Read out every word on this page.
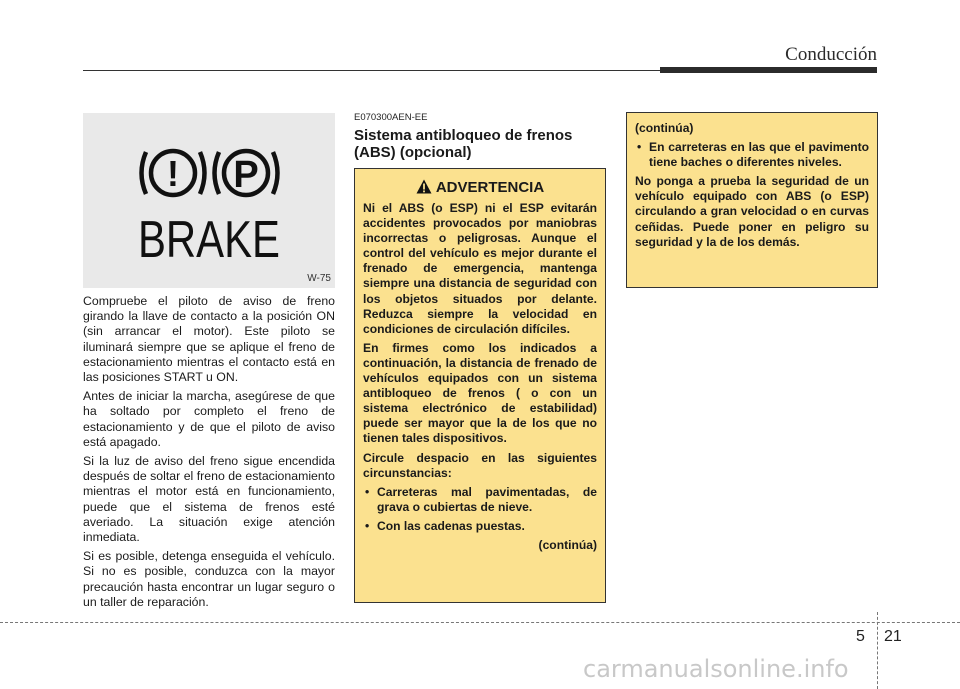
Conducción
! P
BRAKE
W-75

Compruebe el piloto de aviso de freno girando la llave de contacto a la posición ON (sin arrancar el motor). Este piloto se iluminará siempre que se aplique el freno de estacionamiento mientras el contacto está en las posiciones START u ON.

Antes de iniciar la marcha, asegúrese de que ha soltado por completo el freno de estacionamiento y de que el piloto de aviso está apagado.

Si la luz de aviso del freno sigue encendida después de soltar el freno de estacionamiento mientras el motor está en funcionamiento, puede que el sistema de frenos esté averiado. La situación exige atención inmediata.

Si es posible, detenga enseguida el vehículo. Si no es posible, conduzca con la mayor precaución hasta encontrar un lugar seguro o un taller de reparación.

E070300AEN-EE
Sistema antibloqueo de frenos (ABS) (opcional)
ADVERTENCIA

Ni el ABS (o ESP) ni el ESP evitarán accidentes provocados por maniobras incorrectas o peligrosas. Aunque el control del vehículo es mejor durante el frenado de emergencia, mantenga siempre una distancia de seguridad con los objetos situados por delante. Reduzca siempre la velocidad en condiciones de circulación difíciles.

En firmes como los indicados a continuación, la distancia de frenado de vehículos equipados con un sistema antibloqueo de frenos ( o con un sistema electrónico de estabilidad) puede ser mayor que la de los que no tienen tales dispositivos.

Circule despacio en las siguientes circunstancias:

• Carreteras mal pavimentadas, de grava o cubiertas de nieve.
• Con las cadenas puestas.
(continúa)

(continúa)

• En carreteras en las que el pavimento tiene baches o diferentes niveles.

No ponga a prueba la seguridad de un vehículo equipado con ABS (o ESP) circulando a gran velocidad o en curvas ceñidas. Puede poner en peligro su seguridad y la de los demás.

5 21
carmanualsonline.info
